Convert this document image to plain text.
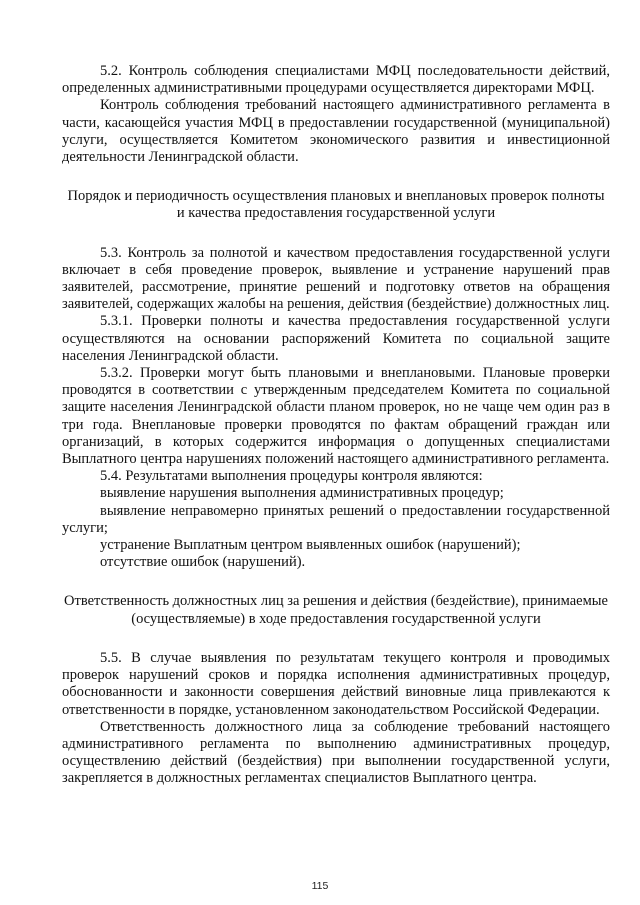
5.2. Контроль соблюдения специалистами МФЦ последовательности действий, определенных административными процедурами осуществляется директорами МФЦ.

Контроль соблюдения требований настоящего административного регламента в части, касающейся участия МФЦ в предоставлении государственной (муниципальной) услуги, осуществляется Комитетом экономического развития и инвестиционной деятельности Ленинградской области.

Порядок и периодичность осуществления плановых и внеплановых проверок полноты и качества предоставления государственной услуги

5.3. Контроль за полнотой и качеством предоставления государственной услуги включает в себя проведение проверок, выявление и устранение нарушений прав заявителей, рассмотрение, принятие решений и подготовку ответов на обращения заявителей, содержащих жалобы на решения, действия (бездействие) должностных лиц.

5.3.1. Проверки полноты и качества предоставления государственной услуги осуществляются на основании распоряжений Комитета по социальной защите населения Ленинградской области.

5.3.2. Проверки могут быть плановыми и внеплановыми. Плановые проверки проводятся в соответствии с утвержденным председателем Комитета по социальной защите населения Ленинградской области планом проверок, но не чаще чем один раз в три года. Внеплановые проверки проводятся по фактам обращений граждан или организаций, в которых содержится информация о допущенных специалистами Выплатного центра нарушениях положений настоящего административного регламента.

5.4. Результатами выполнения процедуры контроля являются:

выявление нарушения выполнения административных процедур;

выявление неправомерно принятых решений о предоставлении государственной услуги;

устранение Выплатным центром выявленных ошибок (нарушений);

отсутствие ошибок (нарушений).

Ответственность должностных лиц за решения и действия (бездействие), принимаемые (осуществляемые) в ходе предоставления государственной услуги

5.5. В случае выявления по результатам текущего контроля и проводимых проверок нарушений сроков и порядка исполнения административных процедур, обоснованности и законности совершения действий виновные лица привлекаются к ответственности в порядке, установленном законодательством Российской Федерации.

Ответственность должностного лица за соблюдение требований настоящего административного регламента по выполнению административных процедур, осуществлению действий (бездействия) при выполнении государственной услуги, закрепляется в должностных регламентах специалистов Выплатного центра.

115
